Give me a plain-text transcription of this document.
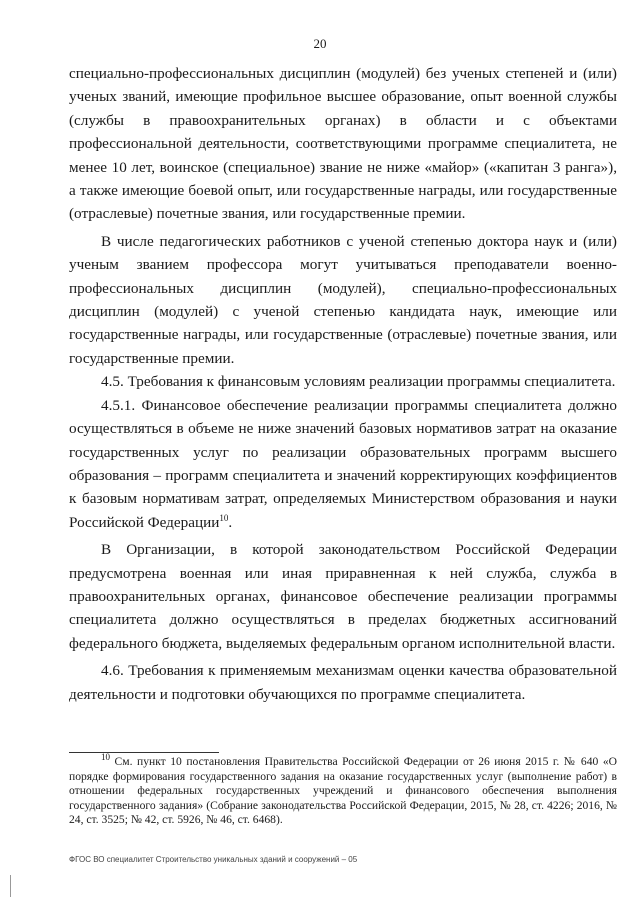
20

специально-профессиональных дисциплин (модулей) без ученых степеней и (или) ученых званий, имеющие профильное высшее образование, опыт военной службы (службы в правоохранительных органах) в области и с объектами профессиональной деятельности, соответствующими программе специалитета, не менее 10 лет, воинское (специальное) звание не ниже «майор» («капитан 3 ранга»), а также имеющие боевой опыт, или государственные награды, или государственные (отраслевые) почетные звания, или государственные премии.

В числе педагогических работников с ученой степенью доктора наук и (или) ученым званием профессора могут учитываться преподаватели военно-профессиональных дисциплин (модулей), специально-профессиональных дисциплин (модулей) с ученой степенью кандидата наук, имеющие или государственные награды, или государственные (отраслевые) почетные звания, или государственные премии.

4.5. Требования к финансовым условиям реализации программы специалитета.

4.5.1. Финансовое обеспечение реализации программы специалитета должно осуществляться в объеме не ниже значений базовых нормативов затрат на оказание государственных услуг по реализации образовательных программ высшего образования – программ специалитета и значений корректирующих коэффициентов к базовым нормативам затрат, определяемых Министерством образования и науки Российской Федерации$^{10}$.

В Организации, в которой законодательством Российской Федерации предусмотрена военная или иная приравненная к ней служба, служба в правоохранительных органах, финансовое обеспечение реализации программы специалитета должно осуществляться в пределах бюджетных ассигнований федерального бюджета, выделяемых федеральным органом исполнительной власти.

4.6. Требования к применяемым механизмам оценки качества образовательной деятельности и подготовки обучающихся по программе специалитета.

$^{10}$ См. пункт 10 постановления Правительства Российской Федерации от 26 июня 2015 г. № 640 «О порядке формирования государственного задания на оказание государственных услуг (выполнение работ) в отношении федеральных государственных учреждений и финансового обеспечения выполнения государственного задания» (Собрание законодательства Российской Федерации, 2015, № 28, ст. 4226; 2016, № 24, ст. 3525; № 42, ст. 5926, № 46, ст. 6468).

ФГОС ВО специалитет Строительство уникальных зданий и сооружений – 05
